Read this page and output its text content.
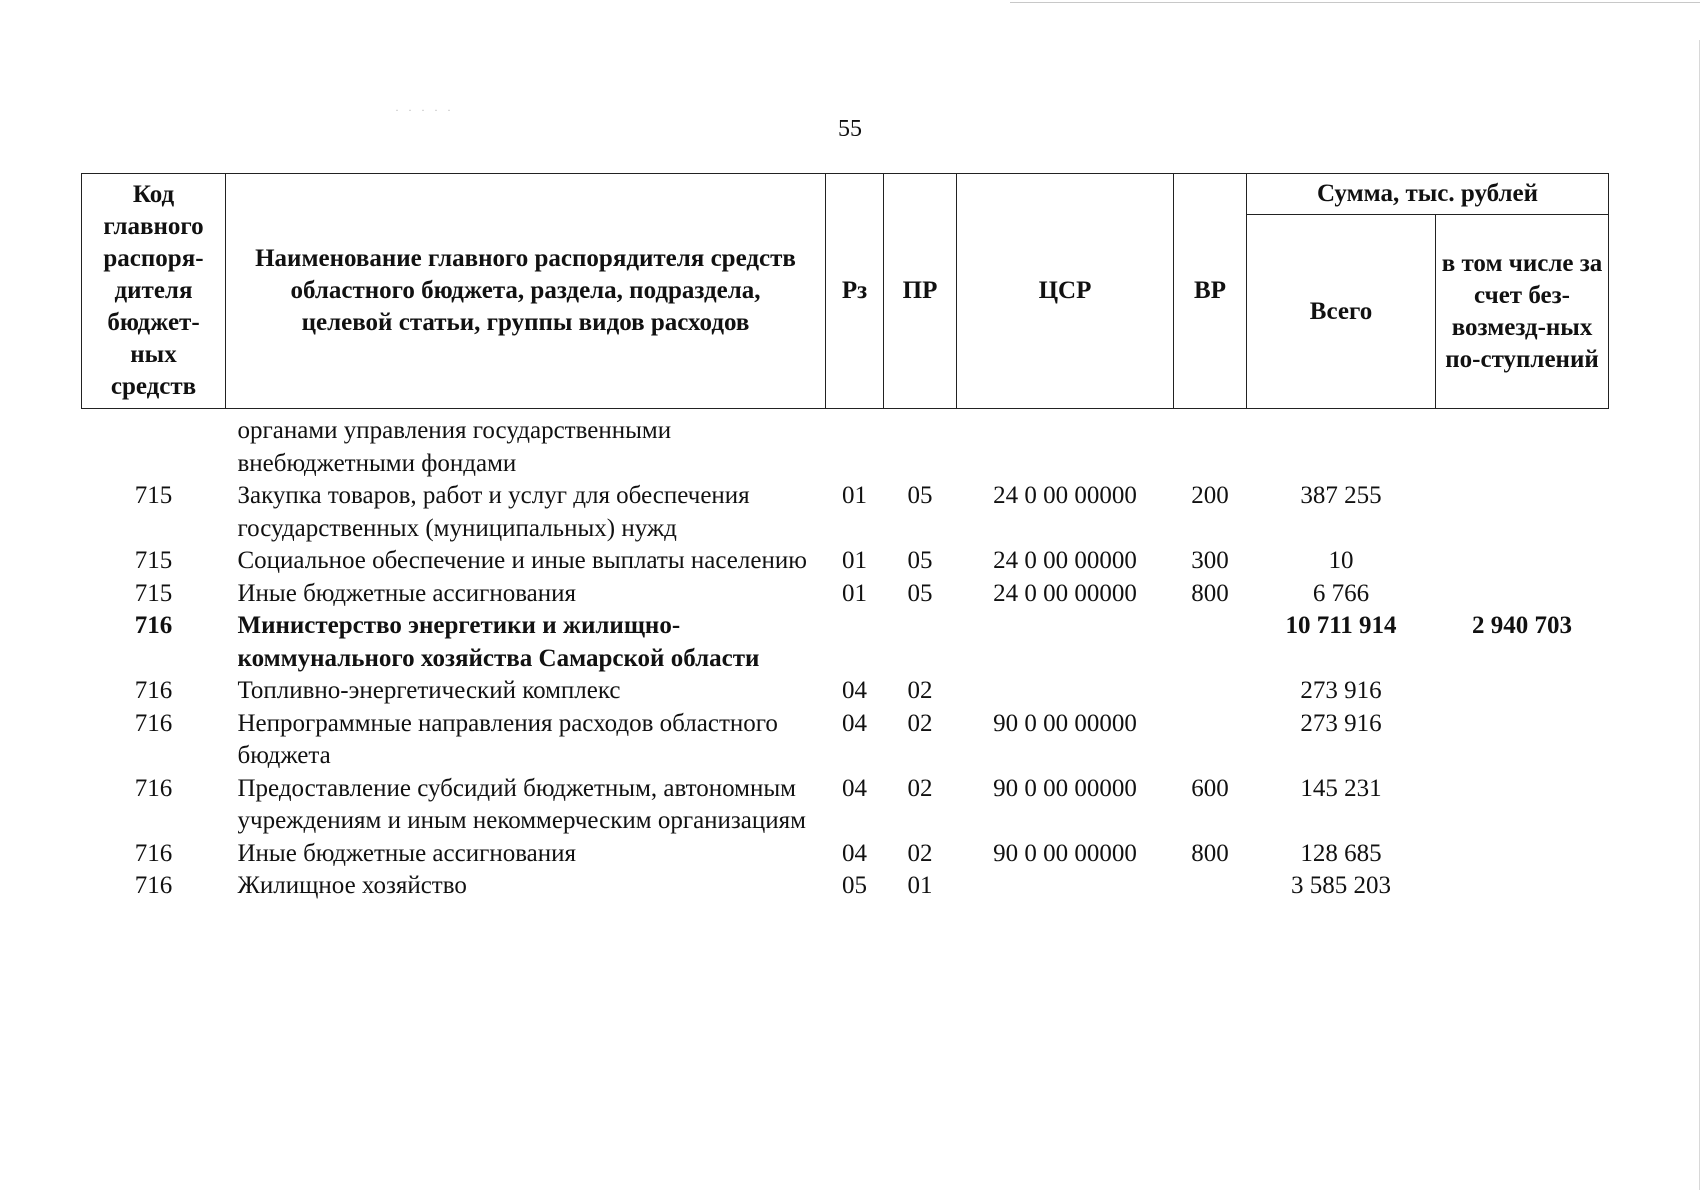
· · · · ·
55
Код главного распоря-дителя бюджет-ных средств	Наименование главного распорядителя средств областного бюджета, раздела, подраздела, целевой статьи, группы видов расходов	Рз	ПР	ЦСР	ВР	Сумма, тыс. рублей	
						Всего	в том числе за счет без-возмезд-ных по-ступлений
	органами управления государственными внебюджетными фондами						
715	Закупка товаров, работ и услуг для обеспечения государственных (муниципальных) нужд	01	05	24 0 00 00000	200	387 255	
715	Социальное обеспечение и иные выплаты населению	01	05	24 0 00 00000	300	10	
715	Иные бюджетные ассигнования	01	05	24 0 00 00000	800	6 766	
716	Министерство энергетики и жилищно-коммунального хозяйства Самарской области					10 711 914	2 940 703
716	Топливно-энергетический комплекс	04	02			273 916	
716	Непрограммные направления расходов областного бюджета	04	02	90 0 00 00000		273 916	
716	Предоставление субсидий бюджетным, автономным учреждениям и иным некоммерческим организациям	04	02	90 0 00 00000	600	145 231	
716	Иные бюджетные ассигнования	04	02	90 0 00 00000	800	128 685	
716	Жилищное хозяйство	05	01			3 585 203	
